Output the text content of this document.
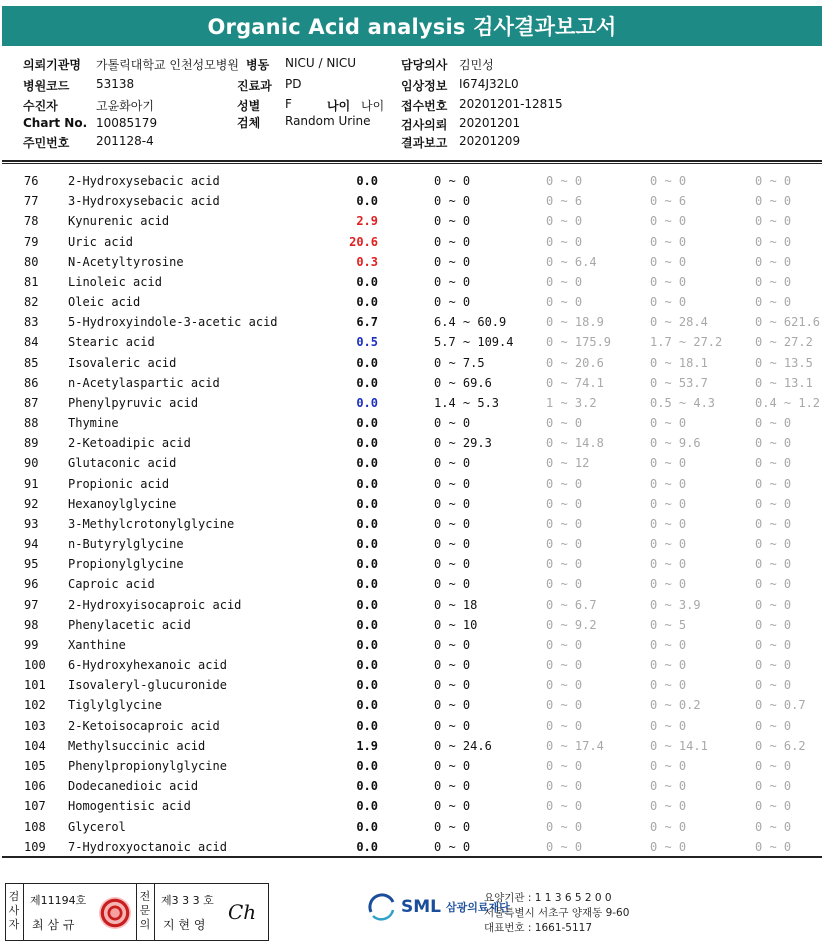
Organic Acid analysis 검사결과보고서
의뢰기관명 가톨릭대학교 인천성모병원 병동 NICU / NICU	담당의사 김민성
병원코드 53138	진료과 PD	임상정보 I674J32L0
수진자	고윤화아기	성별 F	나이 나이 접수번호 20201201-12815
Chart No. 10085179	검체 Random Urine	검사의뢰 20201201
주민번호 201128-4	결과보고 20201209
76	2-Hydroxysebacic acid	0.0	0 ~ 0	0 ~ 0	0 ~ 0	0 ~ 0
77	3-Hydroxysebacic acid	0.0	0 ~ 0	0 ~ 6	0 ~ 6	0 ~ 0
78	Kynurenic acid	2.9	0 ~ 0	0 ~ 0	0 ~ 0	0 ~ 0
79	Uric acid	20.6	0 ~ 0	0 ~ 0	0 ~ 0	0 ~ 0
80	N-Acetyltyrosine	0.3	0 ~ 0	0 ~ 6.4	0 ~ 0	0 ~ 0
81	Linoleic acid	0.0	0 ~ 0	0 ~ 0	0 ~ 0	0 ~ 0
82	Oleic acid	0.0	0 ~ 0	0 ~ 0	0 ~ 0	0 ~ 0
83	5-Hydroxyindole-3-acetic acid	6.7	6.4 ~ 60.9	0 ~ 18.9	0 ~ 28.4	0 ~ 621.6
84	Stearic acid	0.5	5.7 ~ 109.4	0 ~ 175.9	1.7 ~ 27.2	0 ~ 27.2
85	Isovaleric acid	0.0	0 ~ 7.5	0 ~ 20.6	0 ~ 18.1	0 ~ 13.5
86	n-Acetylaspartic acid	0.0	0 ~ 69.6	0 ~ 74.1	0 ~ 53.7	0 ~ 13.1
87	Phenylpyruvic acid	0.0	1.4 ~ 5.3	1 ~ 3.2	0.5 ~ 4.3	0.4 ~ 1.2
88	Thymine	0.0	0 ~ 0	0 ~ 0	0 ~ 0	0 ~ 0
89	2-Ketoadipic acid	0.0	0 ~ 29.3	0 ~ 14.8	0 ~ 9.6	0 ~ 0
90	Glutaconic acid	0.0	0 ~ 0	0 ~ 12	0 ~ 0	0 ~ 0
91	Propionic acid	0.0	0 ~ 0	0 ~ 0	0 ~ 0	0 ~ 0
92	Hexanoylglycine	0.0	0 ~ 0	0 ~ 0	0 ~ 0	0 ~ 0
93	3-Methylcrotonylglycine	0.0	0 ~ 0	0 ~ 0	0 ~ 0	0 ~ 0
94	n-Butyrylglycine	0.0	0 ~ 0	0 ~ 0	0 ~ 0	0 ~ 0
95	Propionylglycine	0.0	0 ~ 0	0 ~ 0	0 ~ 0	0 ~ 0
96	Caproic acid	0.0	0 ~ 0	0 ~ 0	0 ~ 0	0 ~ 0
97	2-Hydroxyisocaproic acid	0.0	0 ~ 18	0 ~ 6.7	0 ~ 3.9	0 ~ 0
98	Phenylacetic acid	0.0	0 ~ 10	0 ~ 9.2	0 ~ 5	0 ~ 0
99	Xanthine	0.0	0 ~ 0	0 ~ 0	0 ~ 0	0 ~ 0
100	6-Hydroxyhexanoic acid	0.0	0 ~ 0	0 ~ 0	0 ~ 0	0 ~ 0
101	Isovaleryl-glucuronide	0.0	0 ~ 0	0 ~ 0	0 ~ 0	0 ~ 0
102	Tiglylglycine	0.0	0 ~ 0	0 ~ 0	0 ~ 0.2	0 ~ 0.7
103	2-Ketoisocaproic acid	0.0	0 ~ 0	0 ~ 0	0 ~ 0	0 ~ 0
104	Methylsuccinic acid	1.9	0 ~ 24.6	0 ~ 17.4	0 ~ 14.1	0 ~ 6.2
105	Phenylpropionylglycine	0.0	0 ~ 0	0 ~ 0	0 ~ 0	0 ~ 0
106	Dodecanedioic acid	0.0	0 ~ 0	0 ~ 0	0 ~ 0	0 ~ 0
107	Homogentisic acid	0.0	0 ~ 0	0 ~ 0	0 ~ 0	0 ~ 0
108	Glycerol	0.0	0 ~ 0	0 ~ 0	0 ~ 0	0 ~ 0
109	7-Hydroxyoctanoic acid	0.0	0 ~ 0	0 ~ 0	0 ~ 0	0 ~ 0
검사자
제11194호
최 삼 규
전문의
제3 3 3 호
지 현 영
Ch	SML 삼광의료재단
요양기관 : 1 1 3 6 5 2 0 0
서울특별시 서초구 양재동 9-60
대표번호 : 1661-5117
